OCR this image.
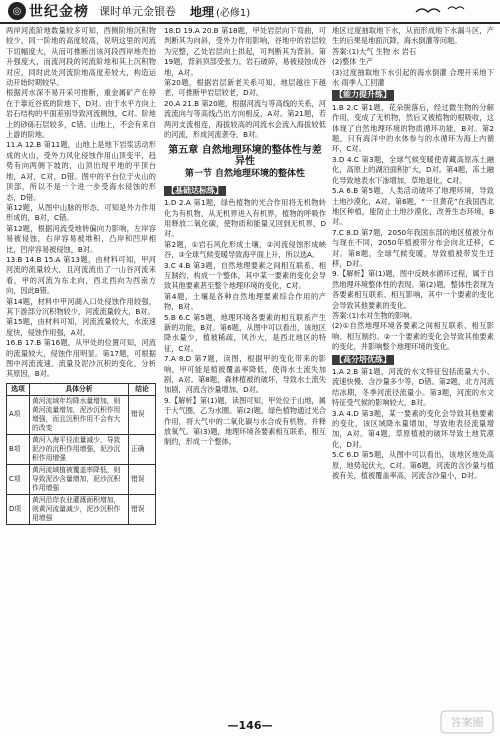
◎ 世纪金榜 课时单元金银卷 地理 (必修1)

两岸河流阶地数量较多可知，西侧阶地沉积物较少，同一阶地的高度较高，说明这里的河流下切幅度大，从而可推断出该河段西岸地壳抬升强度大，而流河段的河流阶地和其上沉积物对应，同时此处河流阶地高度差较大，构造运动开始时期较早。

根据河水深不易开采可推断，重金属矿产在停在于靠近谷底的阶地下，D对。由于水平方向上岩石结构的平面差别导致河流侧蚀，C对。阶地上的砂砾石层较多，C错。山地上，不会有来自上游的阶地。

11.A 12.B 第11题，山地上是地下岩浆活动形成的火山，受外力风化侵蚀作用山顶变平，趋势有向两侧下坡的，山顶出现平地的平顶台地，A对，C对，D错。图中的平台位于火山的顶部，所以不是一个进一步受海水侵蚀的形态，D错。

第12题，从图中山脉的形态，可知是外力作用形成的，B对，C错。

第12题，根据河流受地转偏向力影响，左岸容易被侵蚀，右岸容易被堆积，凸岸和凹岸相比，凹岸容易被侵蚀，B对。

13.B 14.B 15.A 第13题，由材料可知，甲河河流的流量较大，且河流流出了一山谷河流来看，甲的河流为东北向，西北西向为西南方向，因此B错。

第14题，材料中甲河湖入口处侵蚀作用较强，其下游部分沉积物较少，河流流量较大，B对。

第15题，由材料可知，河流流量较大，水流速度快，侵蚀作用强，A对。

16.B 17.B 第16题，从甲处的位置可知，河流的流量较大，侵蚀作用明显。第17题，可根据图中河流流速、流量及泥沙沉积的变化，分析其原因，B对。

选项	具体分析	结论
A项	黄河流域年均降水量增加，则黄河流量增加，泥沙沉积作用增强，而且沉积作用不会有大的改变	错误
B项	黄河入海平径流量减少，导致泥沙的沉积作用增强，泥沙沉积作用增强	正确
C项	黄河流域植被覆盖率降低，则导致泥沙含量增加，泥沙沉积作用增强	错误
D项	黄河沿岸农业灌溉面积增加，则黄河流量减少，泥沙沉积作用增强	错误

18.D 19.A 20.B 第18题，甲处岩层向下弯曲，可判断其为向斜，受外力作用影响，谷地中的岩层较为完整，乙处岩层向上拱起，可判断其为背斜。第19题，背斜顶部受张力，岩石破碎，易被侵蚀成谷地，A对。

第20题，根据岩层新老关系可知，地层越往下越老，可推断甲岩层较老，D对。

20.A 21.B 第20题，根据河流与等高线的关系，河流流向与等高线凸出方向相反，A对。第21题，若两河支流相连，海拔较高的河流水会流入海拔较低的河流，形成河流袭夺，B对。

第五章 自然地理环境的整体性与差异性
第一节 自然地理环境的整体性
【基础达标练】

1.D 2.A 第1题，绿色植物的光合作用将无机物转化为有机物，从无机界进入有机界，植物的呼吸作用释放二氧化碳，使物质和能量又回到无机界，D对。

第2题，①岩石风化形成土壤，②河流侵蚀形成峡谷，③全球气候变暖导致海平面上升，所以选A。

3.C 4.B 第3题，自然地理要素之间相互联系、相互制约，构成一个整体，其中某一要素的变化会导致其他要素甚至整个地理环境的变化，C对。

第4题，土壤是各种自然地理要素综合作用的产物，B对。

5.B 6.C 第5题，地理环境各要素的相互联系产生新的功能，B对。第6题，从图中可以看出，该地区降水量少，植被稀疏，风沙大，是西北地区的特征，C对。

7.A 8.D 第7题，读图，根据甲的变化带来的影响，甲可能是植被覆盖率降低，使得水土流失加剧，A对。第8题，森林植被的破坏，导致水土流失加剧，河流含沙量增加，D对。

9.【解析】第(1)题，读图可知，甲处位于山地，属于大气圈，乙为水圈。第(2)题，绿色植物通过光合作用，将大气中的二氧化碳与水合成有机物，并释放氧气。第(3)题，地理环境各要素相互联系，相互制约，形成一个整体。

地区过度抽取地下水，从而形成地下水漏斗区，产生的后果是地面沉降，海水倒灌等问题。

答案:(1)大气 生物 水 岩石

(2)整体 生产

(3)过度抽取地下水引起的海水倒灌 合理开采地下水 雨季人工回灌

【能力提升练】

1.B 2.C 第1题，花朵脱落后，经过微生物的分解作用，变成了无机物，然后又被植物的根吸收，这体现了自然地理环境的物质循环功能，B对。第2题，只有海洋中的水体参与的水循环为海上内循环，C对。

3.D 4.C 第3题，全球气候变暖使青藏高原冻土融化，高原上的湖泊面积扩大，D对。第4题，冻土融化导致地表水下渗增加，草地退化，C对。

5.A 6.B 第5题，人类活动破坏了地理环境，导致土地沙漠化，A对。第6题，“一旦黄花”在我国西北地区种植，能防止土地沙漠化，改善生态环境，B对。

7.C 8.D 第7题，2050年我国东部的地区植被分布与现在不同，2050年植被带分布会向北迁移，C对。第8题，全球气候变暖，导致植被带发生迁移，D对。

9.【解析】第(1)题，图中反映水循环过程，属于自然地理环境整体性的表现。第(2)题，整体性表现为各要素相互联系、相互影响，其中一个要素的变化会导致其他要素的变化。

答案:(1)水对生物的影响。

(2)①自然地理环境各要素之间相互联系、相互影响、相互制约。②一个要素的变化会导致其他要素的变化，并影响整个地理环境的变化。

【高分培优练】

1.A 2.B 第1题，河流的水文特征包括流量大小、流速快慢、含沙量多少等，D错。第2题，北方河流结冰期，冬季河流径流量小。第3题，河流的水文特征受气候的影响较大，B对。

3.A 4.D 第3题，某一要素的变化会导致其他要素的变化，该区域降水量增加，导致地表径流量增加，A对。第4题，草原植被的破坏导致土地荒漠化，D对。

5.C 6.D 第5题，从图中可以看出，该地区地处高原，地势起伏大，C对。第6题，河流的含沙量与植被有关，植被覆盖率高，河流含沙量小，D对。

—146—	答案圈
